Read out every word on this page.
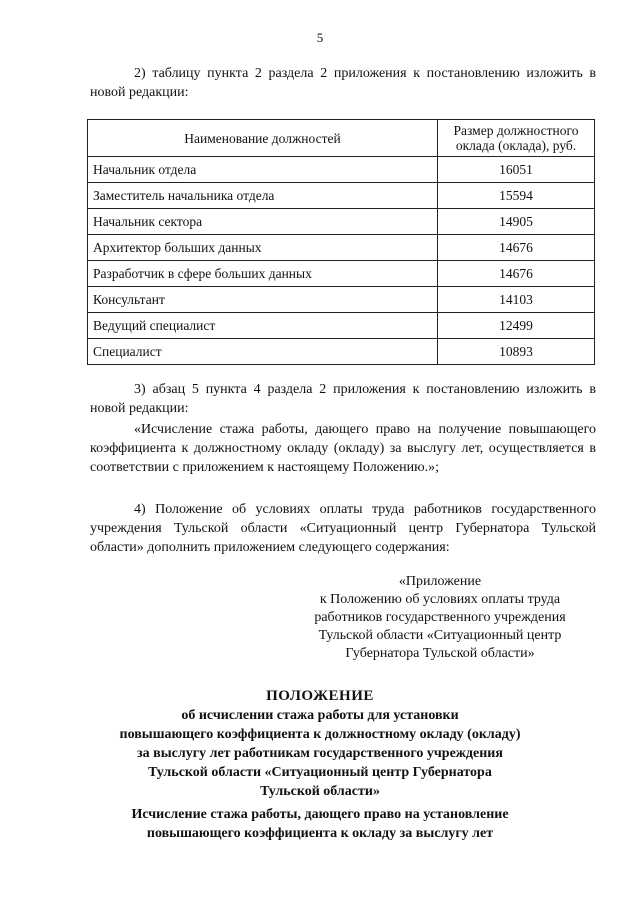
5

2) таблицу пункта 2 раздела 2 приложения к постановлению изложить в новой редакции:

Наименование должностей	Размер должностного оклада (оклада), руб.
Начальник отдела	16051
Заместитель начальника отдела	15594
Начальник сектора	14905
Архитектор больших данных	14676
Разработчик в сфере больших данных	14676
Консультант	14103
Ведущий специалист	12499
Специалист	10893

3) абзац 5 пункта 4 раздела 2 приложения к постановлению изложить в новой редакции:

«Исчисление стажа работы, дающего право на получение повышающего коэффициента к должностному окладу (окладу) за выслугу лет, осуществляется в соответствии с приложением к настоящему Положению.»;

4) Положение об условиях оплаты труда работников государственного учреждения Тульской области «Ситуационный центр Губернатора Тульской области» дополнить приложением следующего содержания:

«Приложение
к Положению об условиях оплаты труда
работников государственного учреждения
Тульской области «Ситуационный центр
Губернатора Тульской области»
ПОЛОЖЕНИЕ
об исчислении стажа работы для установки
повышающего коэффициента к должностному окладу (окладу)
за выслугу лет работникам государственного учреждения
Тульской области «Ситуационный центр Губернатора
Тульской области»
Исчисление стажа работы, дающего право на установление
повышающего коэффициента к окладу за выслугу лет
